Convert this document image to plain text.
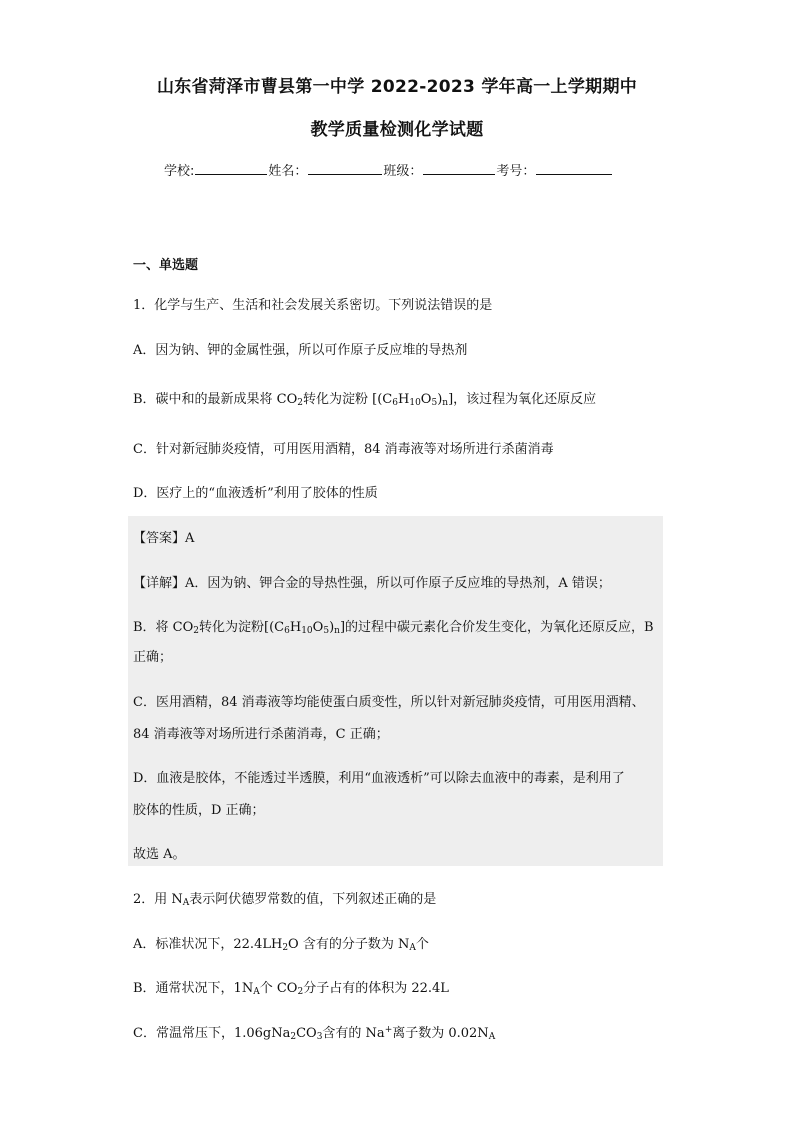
山东省菏泽市曹县第一中学 2022-2023 学年高一上学期期中
教学质量检测化学试题
学校:	姓名：	班级：	考号：
一、单选题
1．化学与生产、生活和社会发展关系密切。下列说法错误的是
A．因为钠、钾的金属性强，所以可作原子反应堆的导热剂
B．碳中和的最新成果将 $CO_2$转化为淀粉 $[(C_6H_{10}O_5)_n]$，该过程为氧化还原反应
C．针对新冠肺炎疫情，可用医用酒精，84 消毒液等对场所进行杀菌消毒
D．医疗上的“血液透析”利用了胶体的性质
【答案】A
【详解】A．因为钠、钾合金的导热性强，所以可作原子反应堆的导热剂，A 错误；
B．将 $CO_2$转化为淀粉$[(C_6H_{10}O_5)_n]$的过程中碳元素化合价发生变化，为氧化还原反应，B
正确；
C．医用酒精，84 消毒液等均能使蛋白质变性，所以针对新冠肺炎疫情，可用医用酒精、
84 消毒液等对场所进行杀菌消毒，C 正确；
D．血液是胶体，不能透过半透膜，利用“血液透析”可以除去血液中的毒素，是利用了
胶体的性质，D 正确；
故选 A。
2．用 $N_A$表示阿伏德罗常数的值，下列叙述正确的是
A．标准状况下，$22.4LH_2O$ 含有的分子数为 $N_A$个
B．通常状况下，$1N_A$个 $CO_2$分子占有的体积为 22.4L
C．常温常压下，$1.06gNa_2CO_3$含有的 Na+离子数为 $0.02N_A$
